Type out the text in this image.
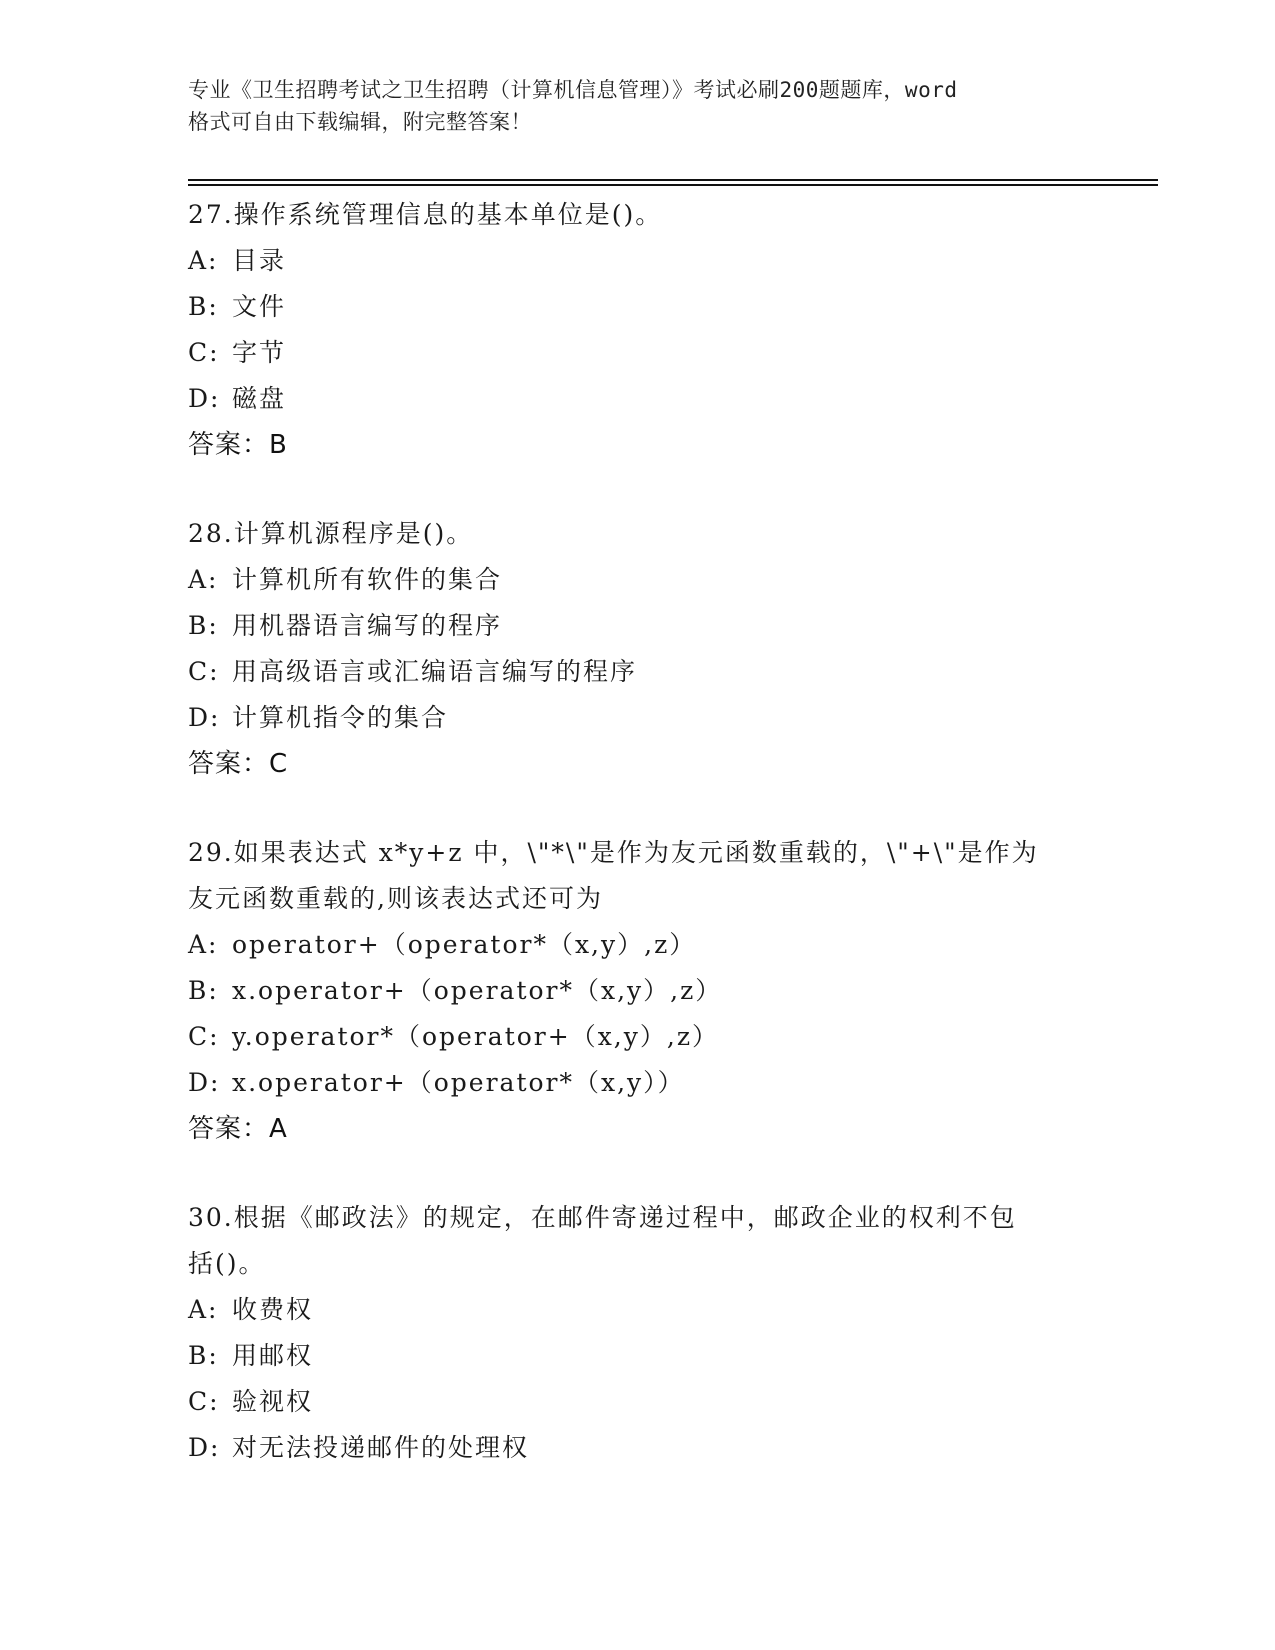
专业《卫生招聘考试之卫生招聘（计算机信息管理）》考试必刷200题题库，word
格式可自由下载编辑，附完整答案！
27.操作系统管理信息的基本单位是()。
A: 目录
B: 文件
C: 字节
D: 磁盘
答案：B
28.计算机源程序是()。
A: 计算机所有软件的集合
B: 用机器语言编写的程序
C: 用高级语言或汇编语言编写的程序
D: 计算机指令的集合
答案：C
29.如果表达式 x*y+z 中，\"*\"是作为友元函数重载的，\"+\"是作为
友元函数重载的,则该表达式还可为
A: operator+（operator*（x,y）,z）
B: x.operator+（operator*（x,y）,z）
C: y.operator*（operator+（x,y）,z）
D: x.operator+（operator*（x,y））
答案：A
30.根据《邮政法》的规定，在邮件寄递过程中，邮政企业的权利不包
括()。
A: 收费权
B: 用邮权
C: 验视权
D: 对无法投递邮件的处理权
